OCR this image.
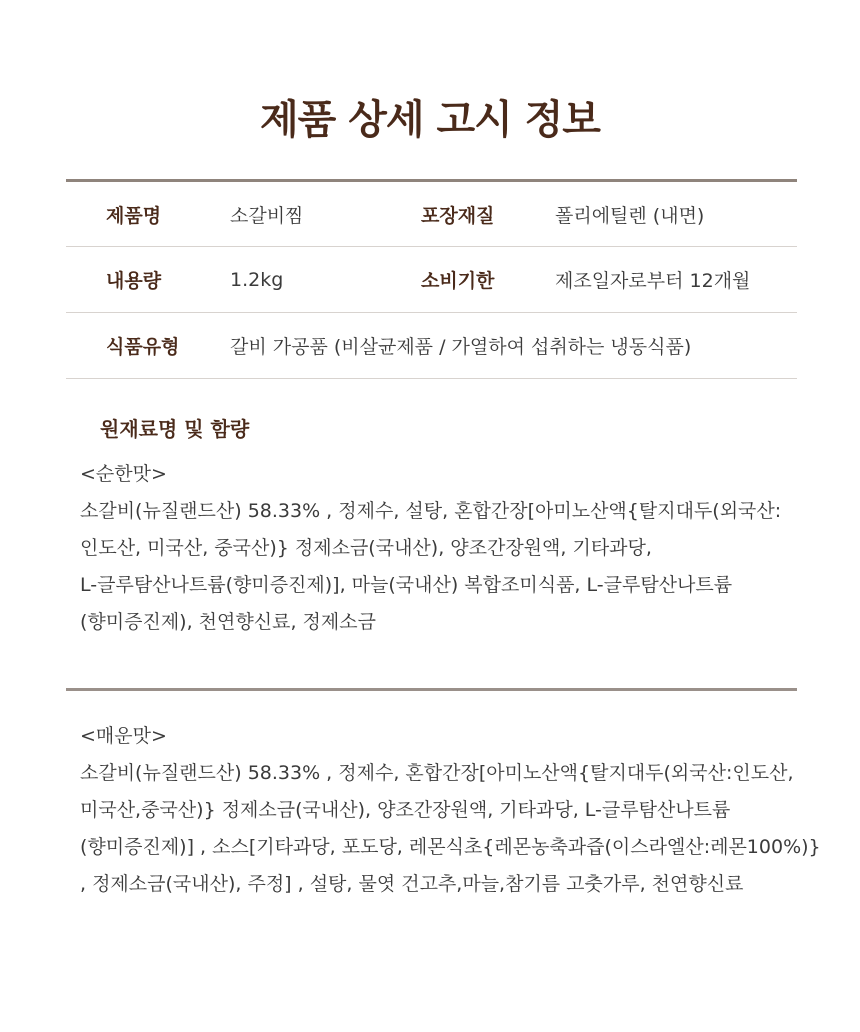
제품 상세 고시 정보
제품명	소갈비찜	포장재질	폴리에틸렌 (내면)
내용량	1.2kg	소비기한	제조일자로부터 12개월
식품유형	갈비 가공품 (비살균제품 / 가열하여 섭취하는 냉동식품)
원재료명 및 함량
<순한맛>
소갈비(뉴질랜드산) 58.33% , 정제수, 설탕, 혼합간장[아미노산액{탈지대두(외국산:
인도산, 미국산, 중국산)} 정제소금(국내산), 양조간장원액, 기타과당,
L-글루탐산나트륨(향미증진제)], 마늘(국내산) 복합조미식품, L-글루탐산나트륨
(향미증진제), 천연향신료, 정제소금
<매운맛>
소갈비(뉴질랜드산) 58.33% , 정제수, 혼합간장[아미노산액{탈지대두(외국산:인도산,
미국산,중국산)} 정제소금(국내산), 양조간장원액, 기타과당, L-글루탐산나트륨
(향미증진제)] , 소스[기타과당, 포도당, 레몬식초{레몬농축과즙(이스라엘산:레몬100%)}
, 정제소금(국내산), 주정] , 설탕, 물엿 건고추,마늘,참기름 고춧가루, 천연향신료
